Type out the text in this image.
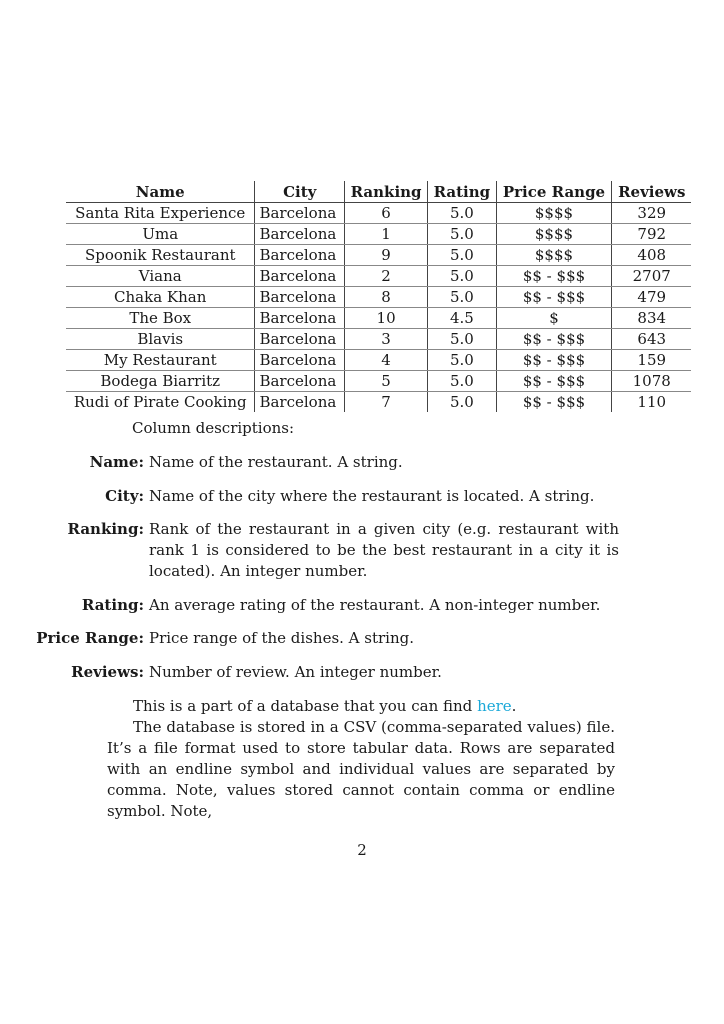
Name	City	Ranking	Rating	Price Range	Reviews
Santa Rita Experience	Barcelona	6	5.0	$$$$	329
Uma	Barcelona	1	5.0	$$$$	792
Spoonik Restaurant	Barcelona	9	5.0	$$$$	408
Viana	Barcelona	2	5.0	$$ - $$$	2707
Chaka Khan	Barcelona	8	5.0	$$ - $$$	479
The Box	Barcelona	10	4.5	$	834
Blavis	Barcelona	3	5.0	$$ - $$$	643
My Restaurant	Barcelona	4	5.0	$$ - $$$	159
Bodega Biarritz	Barcelona	5	5.0	$$ - $$$	1078
Rudi of Pirate Cooking	Barcelona	7	5.0	$$ - $$$	110
Column descriptions:
Name: Name of the restaurant. A string.
City: Name of the city where the restaurant is located. A string.
Ranking: Rank of the restaurant in a given city (e.g. restaurant with rank 1 is considered to be the best restaurant in a city it is located). An integer number.
Rating: An average rating of the restaurant. A non-integer number.
Price Range: Price range of the dishes. A string.
Reviews: Number of review. An integer number.

This is a part of a database that you can find here.

The database is stored in a CSV (comma-separated values) file. It’s a file format used to store tabular data. Rows are separated with an endline symbol and individual values are separated by comma. Note, values stored cannot contain comma or endline symbol. Note,

2
